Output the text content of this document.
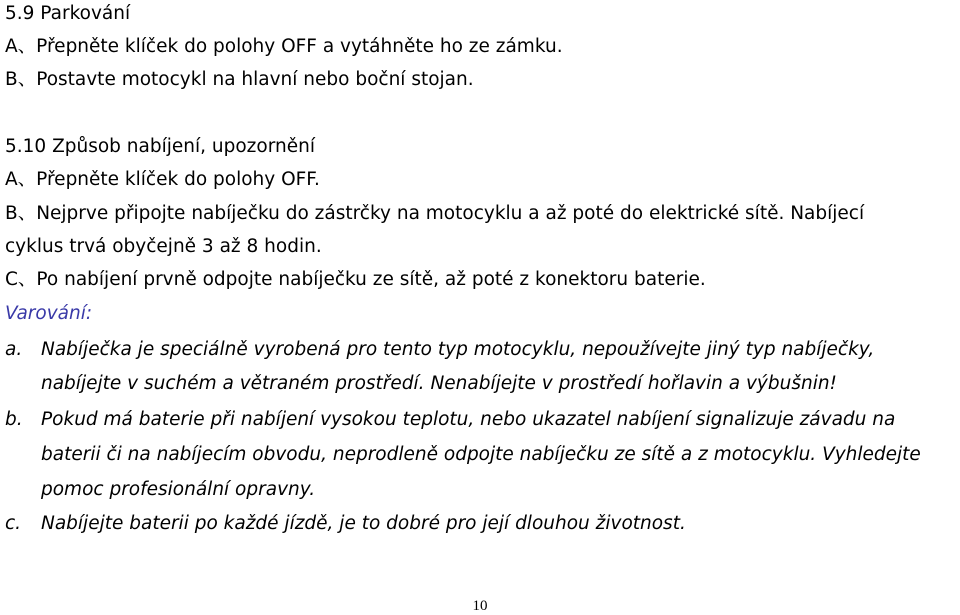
5.9 Parkování
A、Přepněte klíček do polohy OFF a vytáhněte ho ze zámku.
B、Postavte motocykl na hlavní nebo boční stojan.
5.10 Způsob nabíjení, upozornění
A、Přepněte klíček do polohy OFF.
B、Nejprve připojte nabíječku do zástrčky na motocyklu a až poté do elektrické sítě. Nabíjecí
cyklus trvá obyčejně 3 až 8 hodin.
C、Po nabíjení prvně odpojte nabíječku ze sítě, až poté z konektoru baterie.
Varování:
a. Nabíječka je speciálně vyrobená pro tento typ motocyklu, nepoužívejte jiný typ nabíječky,
nabíjejte v suchém a větraném prostředí. Nenabíjejte v prostředí hořlavin a výbušnin!
b. Pokud má baterie při nabíjení vysokou teplotu, nebo ukazatel nabíjení signalizuje závadu na
baterii či na nabíjecím obvodu, neprodleně odpojte nabíječku ze sítě a z motocyklu. Vyhledejte
pomoc profesionální opravny.
c. Nabíjejte baterii po každé jízdě, je to dobré pro její dlouhou životnost.
10
